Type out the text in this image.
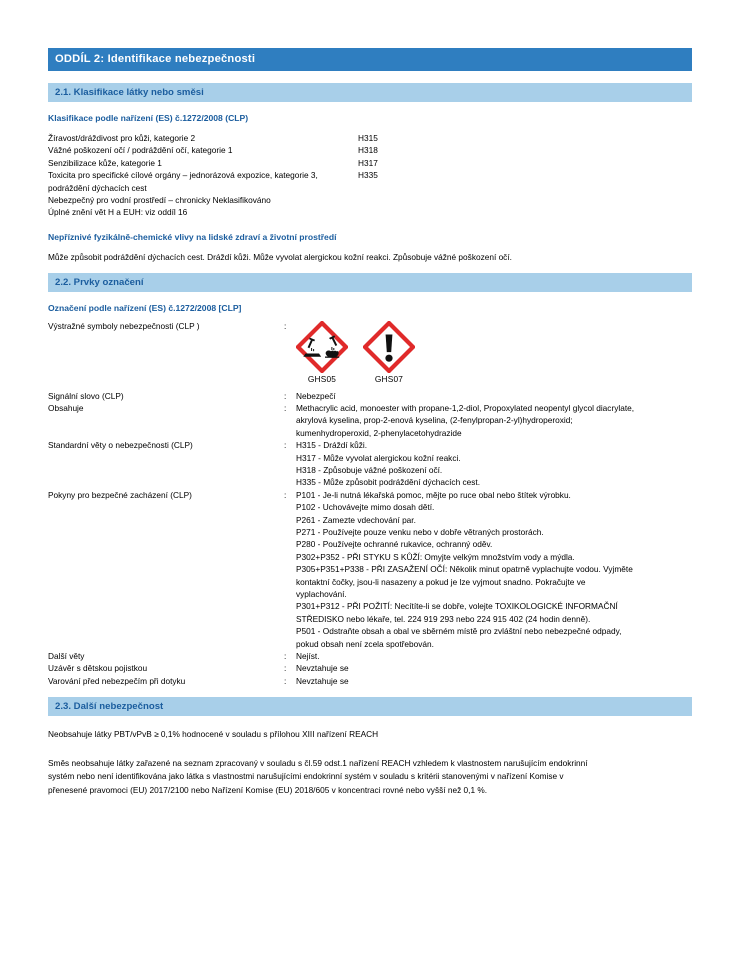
ODDÍL 2: Identifikace nebezpečnosti
2.1. Klasifikace látky nebo směsi
Klasifikace podle nařízení (ES) č.1272/2008 (CLP)
Žíravost/dráždivost pro kůži, kategorie 2	H315
Vážné poškození očí / podráždění očí, kategorie 1	H318
Senzibilizace kůže, kategorie 1	H317
Toxicita pro specifické cílové orgány – jednorázová expozice, kategorie 3,	H335
podráždění dýchacích cest
Nebezpečný pro vodní prostředí – chronicky Neklasifikováno
Úplné znění vět H a EUH: viz oddíl 16
Nepříznivé fyzikálně-chemické vlivy na lidské zdraví a životní prostředí
Může způsobit podráždění dýchacích cest. Dráždí kůži. Může vyvolat alergickou kožní reakci. Způsobuje vážné poškození očí.
2.2. Prvky označení
Označení podle nařízení (ES) č.1272/2008 [CLP]
Výstražné symboly nebezpečnosti (CLP )	:
GHS05	GHS07
Signální slovo (CLP)	:	Nebezpečí
Obsahuje	:	Methacrylic acid, monoester with propane-1,2-diol, Propoxylated neopentyl glycol diacrylate,
akrylová kyselina, prop-2-enová kyselina, (2-fenylpropan-2-yl)hydroperoxid;
kumenhydroperoxid, 2-phenylacetohydrazide
Standardní věty o nebezpečnosti (CLP)	:	H315 - Dráždí kůži.
H317 - Může vyvolat alergickou kožní reakci.
H318 - Způsobuje vážné poškození očí.
H335 - Může způsobit podráždění dýchacích cest.
Pokyny pro bezpečné zacházení (CLP)	:	P101 - Je-li nutná lékařská pomoc, mějte po ruce obal nebo štítek výrobku.
P102 - Uchovávejte mimo dosah dětí.
P261 - Zamezte vdechování par.
P271 - Používejte pouze venku nebo v dobře větraných prostorách.
P280 - Používejte ochranné rukavice, ochranný oděv.
P302+P352 - PŘI STYKU S KŮŽÍ: Omyjte velkým množstvím vody a mýdla.
P305+P351+P338 - PŘI ZASAŽENÍ OČÍ: Několik minut opatrně vyplachujte vodou. Vyjměte
kontaktní čočky, jsou-li nasazeny a pokud je lze vyjmout snadno. Pokračujte ve
vyplachování.
P301+P312 - PŘI POŽITÍ: Necítíte-li se dobře, volejte TOXIKOLOGICKÉ INFORMAČNÍ
STŘEDISKO nebo lékaře, tel. 224 919 293 nebo 224 915 402 (24 hodin denně).
P501 - Odstraňte obsah a obal ve sběrném místě pro zvláštní nebo nebezpečné odpady,
pokud obsah není zcela spotřebován.
Další věty	:	Nejíst.
Uzávěr s dětskou pojistkou	:	Nevztahuje se
Varování před nebezpečím při dotyku	:	Nevztahuje se
2.3. Další nebezpečnost
Neobsahuje látky PBT/vPvB ≥ 0,1% hodnocené v souladu s přílohou XIII nařízení REACH
Směs neobsahuje látky zařazené na seznam zpracovaný v souladu s čl.59 odst.1 nařízení REACH vzhledem k vlastnostem narušujícím endokrinní
systém nebo není identifikována jako látka s vlastnostmi narušujícími endokrinní systém v souladu s kritérii stanovenými v nařízení Komise v
přenesené pravomoci (EU) 2017/2100 nebo Nařízení Komise (EU) 2018/605 v koncentraci rovné nebo vyšší než 0,1 %.
